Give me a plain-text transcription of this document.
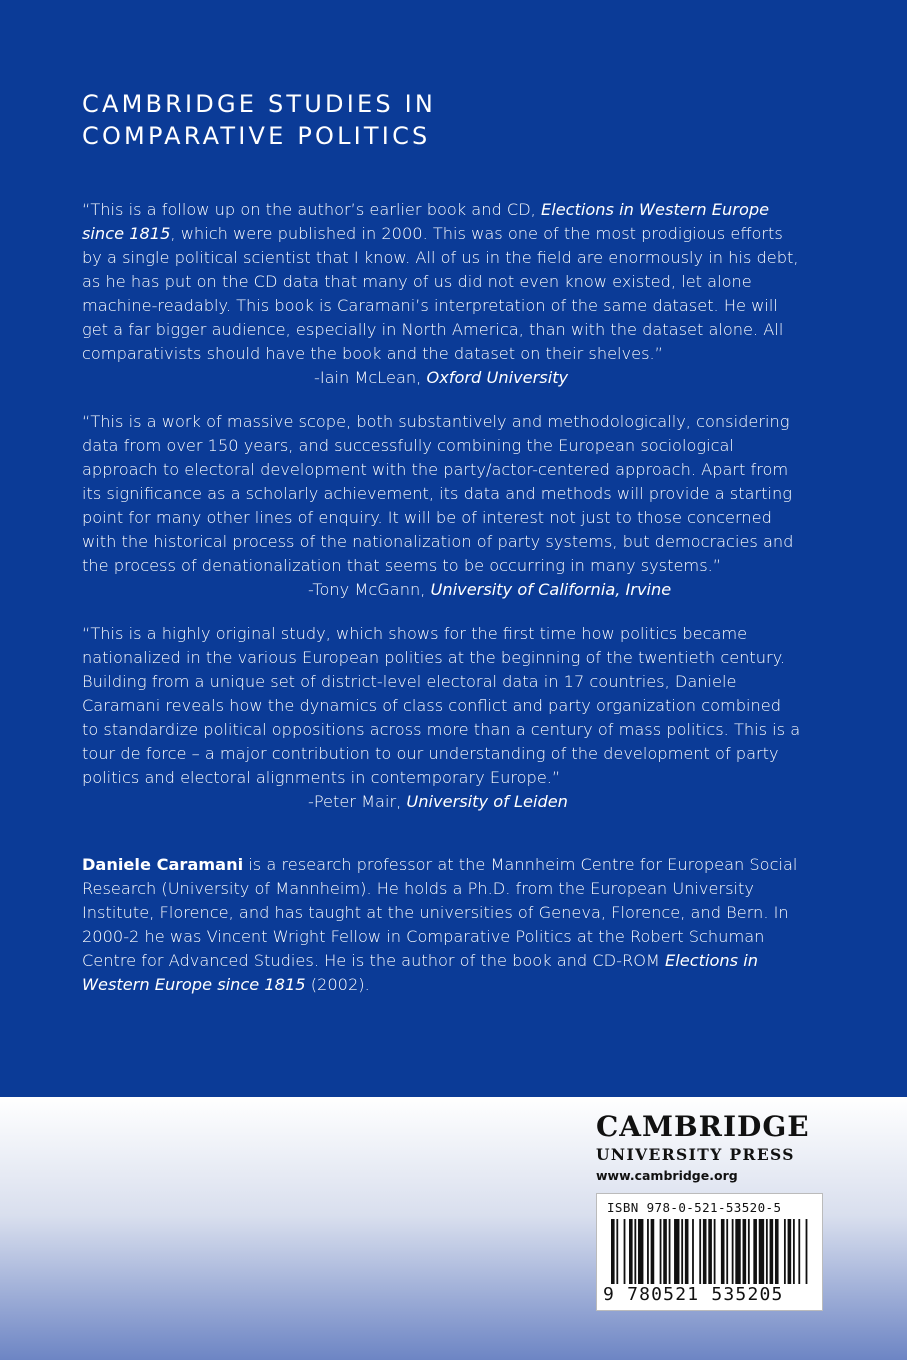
CAMBRIDGE STUDIES IN
COMPARATIVE POLITICS
“This is a follow up on the author’s earlier book and CD, Elections in Western Europe since 1815, which were published in 2000. This was one of the most prodigious efforts by a single political scientist that I know. All of us in the field are enormously in his debt, as he has put on the CD data that many of us did not even know existed, let alone machine-readably. This book is Caramani’s interpretation of the same dataset. He will get a far bigger audience, especially in North America, than with the dataset alone. All comparativists should have the book and the dataset on their shelves.”
-Iain McLean, Oxford University
“This is a work of massive scope, both substantively and methodologically, considering data from over 150 years, and successfully combining the European sociological approach to electoral development with the party/actor-centered approach. Apart from its significance as a scholarly achievement, its data and methods will provide a starting point for many other lines of enquiry. It will be of interest not just to those concerned with the historical process of the nationalization of party systems, but democracies and the process of denationalization that seems to be occurring in many systems.”
-Tony McGann, University of California, Irvine
“This is a highly original study, which shows for the first time how politics became nationalized in the various European polities at the beginning of the twentieth century. Building from a unique set of district-level electoral data in 17 countries, Daniele Caramani reveals how the dynamics of class conflict and party organization combined to standardize political oppositions across more than a century of mass politics. This is a tour de force – a major contribution to our understanding of the development of party politics and electoral alignments in contemporary Europe.”
-Peter Mair, University of Leiden
Daniele Caramani is a research professor at the Mannheim Centre for European Social Research (University of Mannheim). He holds a Ph.D. from the European University Institute, Florence, and has taught at the universities of Geneva, Florence, and Bern. In 2000-2 he was Vincent Wright Fellow in Comparative Politics at the Robert Schuman Centre for Advanced Studies. He is the author of the book and CD-ROM Elections in Western Europe since 1815 (2002).
CAMBRIDGE
UNIVERSITY PRESS
www.cambridge.org
ISBN 978-0-521-53520-5
9 780521 535205
